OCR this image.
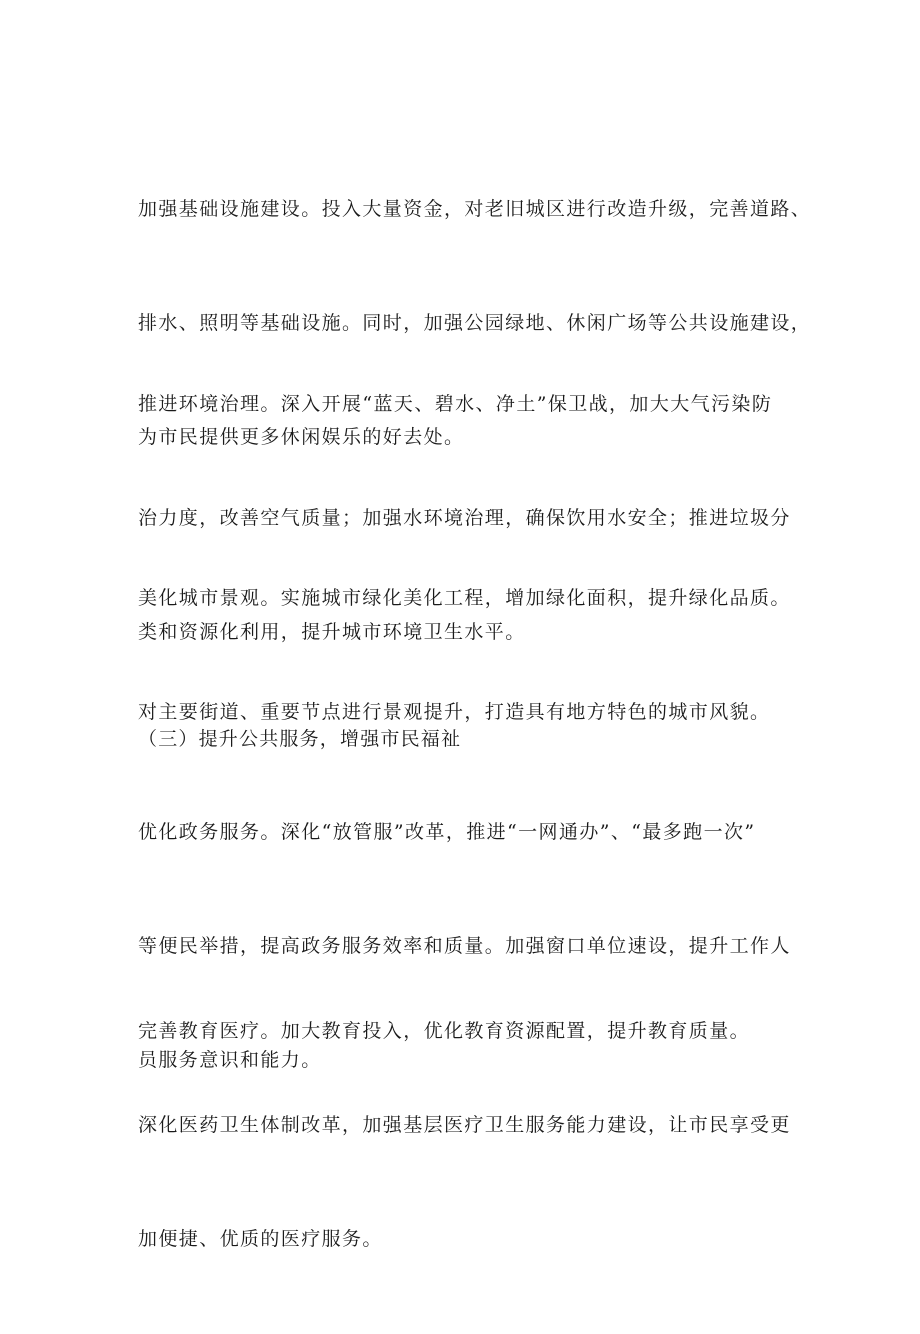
加强基础设施建设。投入大量资金，对老旧城区进行改造升级，完善道路、

排水、照明等基础设施。同时，加强公园绿地、休闲广场等公共设施建设，

为市民提供更多休闲娱乐的好去处。

推进环境治理。深入开展“蓝天、碧水、净土”保卫战，加大大气污染防

治力度，改善空气质量；加强水环境治理，确保饮用水安全；推进垃圾分

类和资源化利用，提升城市环境卫生水平。

美化城市景观。实施城市绿化美化工程，增加绿化面积，提升绿化品质。

对主要街道、重要节点进行景观提升，打造具有地方特色的城市风貌。

（三）提升公共服务，增强市民福祉

优化政务服务。深化“放管服”改革，推进“一网通办”、“最多跑一次”

等便民举措，提高政务服务效率和质量。加强窗口单位速设，提升工作人

员服务意识和能力。

完善教育医疗。加大教育投入，优化教育资源配置，提升教育质量。

深化医药卫生体制改革，加强基层医疗卫生服务能力建设，让市民享受更

加便捷、优质的医疗服务。
